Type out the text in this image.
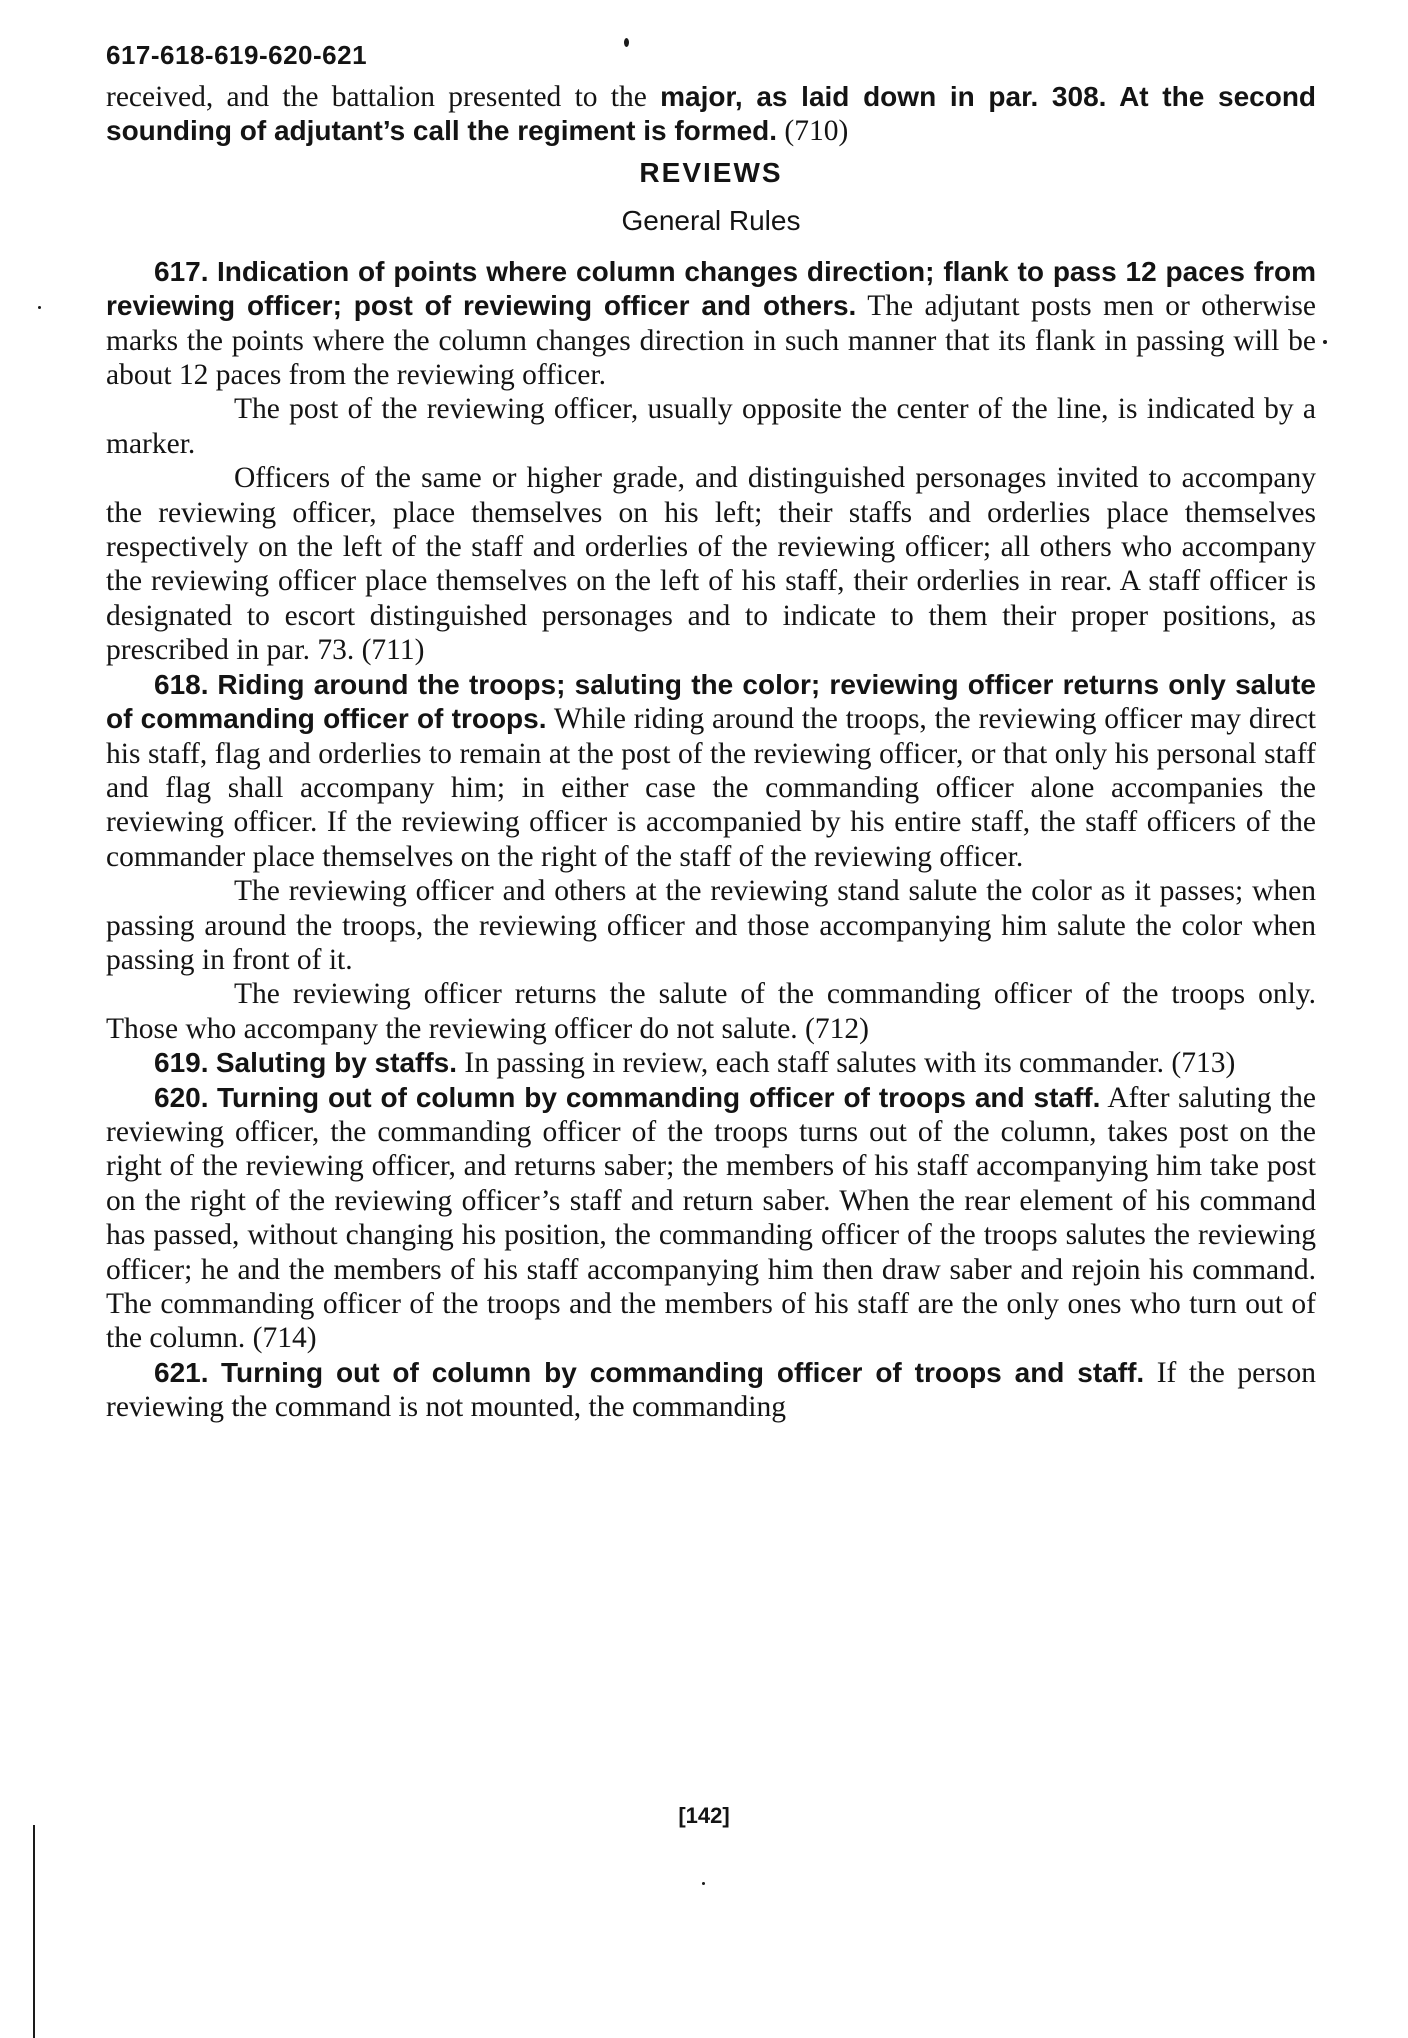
617-618-619-620-621

received, and the battalion presented to the major, as laid down in par. 308. At the second sounding of adjutant’s call the regiment is formed. (710)

REVIEWS

General Rules

617. Indication of points where column changes direction; flank to pass 12 paces from reviewing officer; post of reviewing officer and others. The adjutant posts men or otherwise marks the points where the column changes direction in such manner that its flank in passing will be about 12 paces from the reviewing officer.

The post of the reviewing officer, usually opposite the center of the line, is indicated by a marker.

Officers of the same or higher grade, and distinguished personages invited to accompany the reviewing officer, place themselves on his left; their staffs and orderlies place themselves respectively on the left of the staff and orderlies of the reviewing officer; all others who accompany the reviewing officer place themselves on the left of his staff, their orderlies in rear. A staff officer is designated to escort distinguished personages and to indicate to them their proper positions, as prescribed in par. 73. (711)

618. Riding around the troops; saluting the color; reviewing officer returns only salute of commanding officer of troops. While riding around the troops, the reviewing officer may direct his staff, flag and orderlies to remain at the post of the reviewing officer, or that only his personal staff and flag shall accompany him; in either case the commanding officer alone accompanies the reviewing officer. If the reviewing officer is accompanied by his entire staff, the staff officers of the commander place themselves on the right of the staff of the reviewing officer.

The reviewing officer and others at the reviewing stand salute the color as it passes; when passing around the troops, the reviewing officer and those accompanying him salute the color when passing in front of it.

The reviewing officer returns the salute of the commanding officer of the troops only. Those who accompany the reviewing officer do not salute. (712)

619. Saluting by staffs. In passing in review, each staff salutes with its commander. (713)

620. Turning out of column by commanding officer of troops and staff. After saluting the reviewing officer, the commanding officer of the troops turns out of the column, takes post on the right of the reviewing officer, and returns saber; the members of his staff accompanying him take post on the right of the reviewing officer’s staff and return saber. When the rear element of his command has passed, without changing his position, the commanding officer of the troops salutes the reviewing officer; he and the members of his staff accompanying him then draw saber and rejoin his command. The commanding officer of the troops and the members of his staff are the only ones who turn out of the column. (714)

621. Turning out of column by commanding officer of troops and staff. If the person reviewing the command is not mounted, the commanding

[142]
